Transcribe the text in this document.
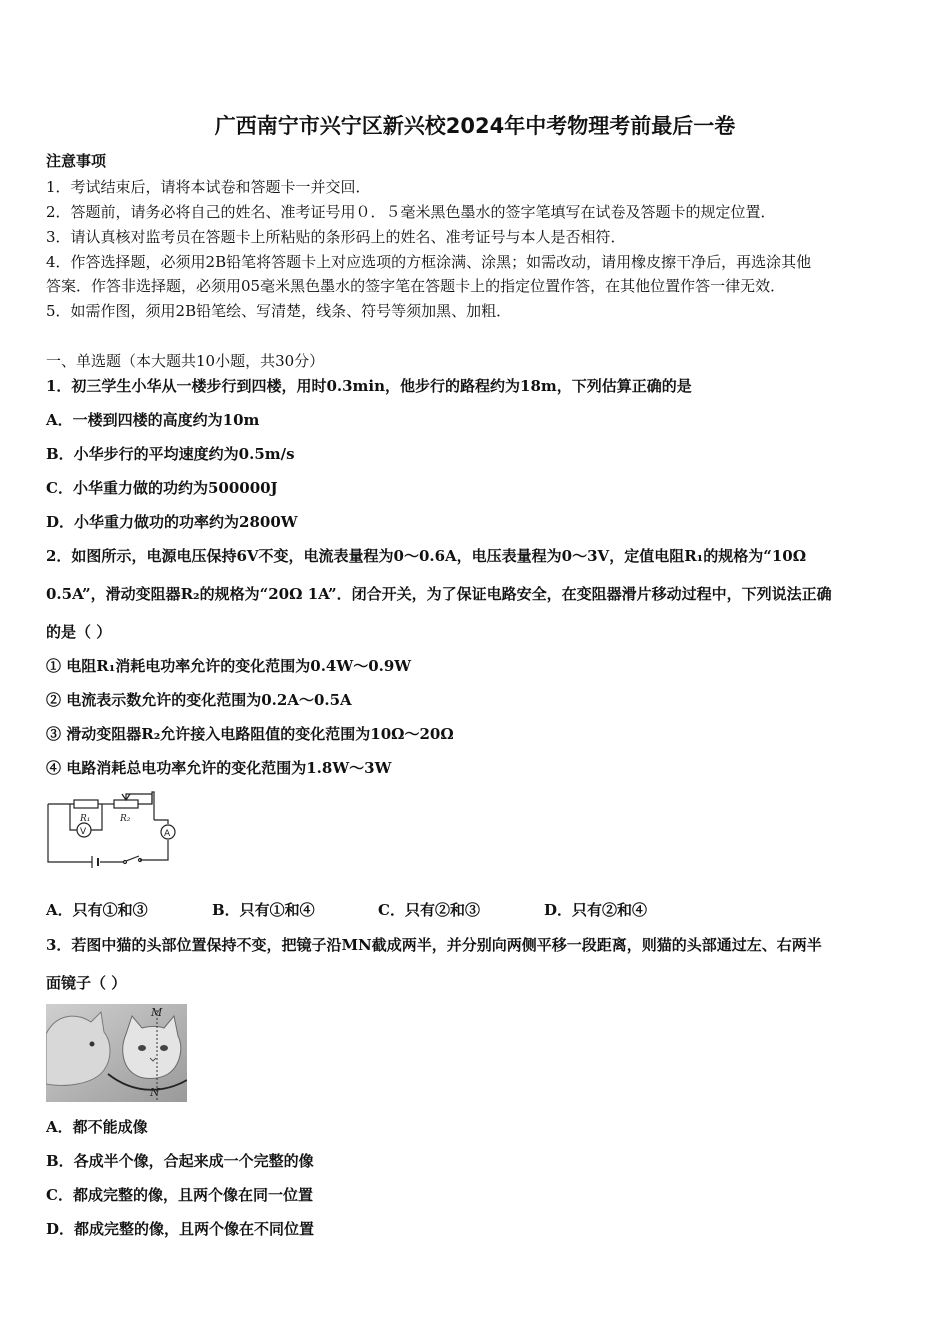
广西南宁市兴宁区新兴校2024年中考物理考前最后一卷
注意事项
1．考试结束后，请将本试卷和答题卡一并交回．
2．答题前，请务必将自己的姓名、准考证号用０．５毫米黑色墨水的签字笔填写在试卷及答题卡的规定位置．
3．请认真核对监考员在答题卡上所粘贴的条形码上的姓名、准考证号与本人是否相符．
4．作答选择题，必须用2B铅笔将答题卡上对应选项的方框涂满、涂黑；如需改动，请用橡皮擦干净后，再选涂其他
答案．作答非选择题，必须用05毫米黑色墨水的签字笔在答题卡上的指定位置作答，在其他位置作答一律无效．
5．如需作图，须用2B铅笔绘、写清楚，线条、符号等须加黑、加粗．
一、单选题（本大题共10小题，共30分）
1．初三学生小华从一楼步行到四楼，用时0.3min，他步行的路程约为18m，下列估算正确的是
A．一楼到四楼的高度约为10m
B．小华步行的平均速度约为0.5m/s
C．小华重力做的功约为500000J
D．小华重力做功的功率约为2800W
2．如图所示，电源电压保持6V不变，电流表量程为0～0.6A，电压表量程为0～3V，定值电阻R₁的规格为“10Ω
0.5A”，滑动变阻器R₂的规格为“20Ω 1A”．闭合开关，为了保证电路安全，在变阻器滑片移动过程中，下列说法正确
的是（ ）
① 电阻R₁消耗电功率允许的变化范围为0.4W～0.9W
② 电流表示数允许的变化范围为0.2A～0.5A
③ 滑动变阻器R₂允许接入电路阻值的变化范围为10Ω～20Ω
④ 电路消耗总电功率允许的变化范围为1.8W～3W
R₁	R₂
V	A
A．只有①和③	B．只有①和④	C．只有②和③	D．只有②和④
3．若图中猫的头部位置保持不变，把镜子沿MN截成两半，并分别向两侧平移一段距离，则猫的头部通过左、右两半
面镜子（ ）
M
N
A．都不能成像
B．各成半个像，合起来成一个完整的像
C．都成完整的像，且两个像在同一位置
D．都成完整的像，且两个像在不同位置
